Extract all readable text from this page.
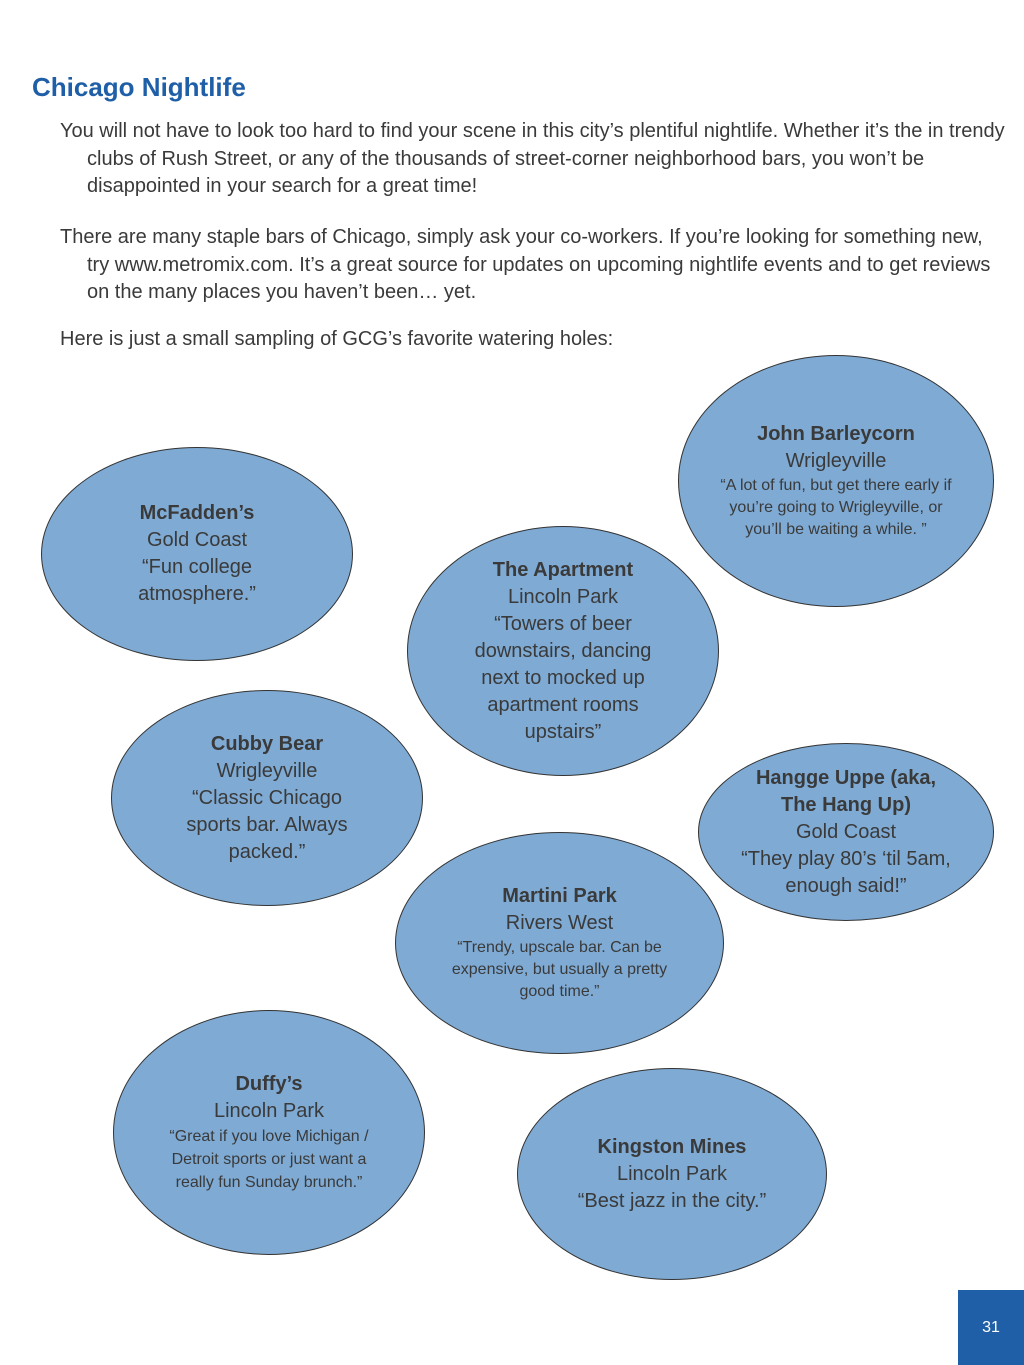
Chicago Nightlife

You will not have to look too hard to find your scene in this city’s plentiful nightlife. Whether it’s the in trendy clubs of Rush Street, or any of the thousands of street-corner neighborhood bars, you won’t be disappointed in your search for a great time!

There are many staple bars of Chicago, simply ask your co-workers. If you’re looking for something new, try www.metromix.com. It’s a great source for updates on upcoming nightlife events and to get reviews on the many places you haven’t been… yet.

Here is just a small sampling of GCG’s favorite watering holes:

John Barleycorn
Wrigleyville
“A lot of fun, but get there early if you’re going to Wrigleyville, or you’ll be waiting a while. ”
McFadden’s
Gold Coast
“Fun college atmosphere.”
The Apartment
Lincoln Park
“Towers of beer downstairs, dancing next to mocked up apartment rooms upstairs”
Cubby Bear
Wrigleyville
“Classic Chicago sports bar. Always packed.”
Hangge Uppe (aka, The Hang Up)
Gold Coast
“They play 80’s ‘til 5am, enough said!”
Martini Park
Rivers West
“Trendy, upscale bar. Can be expensive, but usually a pretty good time.”
Duffy’s
Lincoln Park
“Great if you love Michigan / Detroit sports or just want a really fun Sunday brunch.”
Kingston Mines
Lincoln Park
“Best jazz in the city.”
31
